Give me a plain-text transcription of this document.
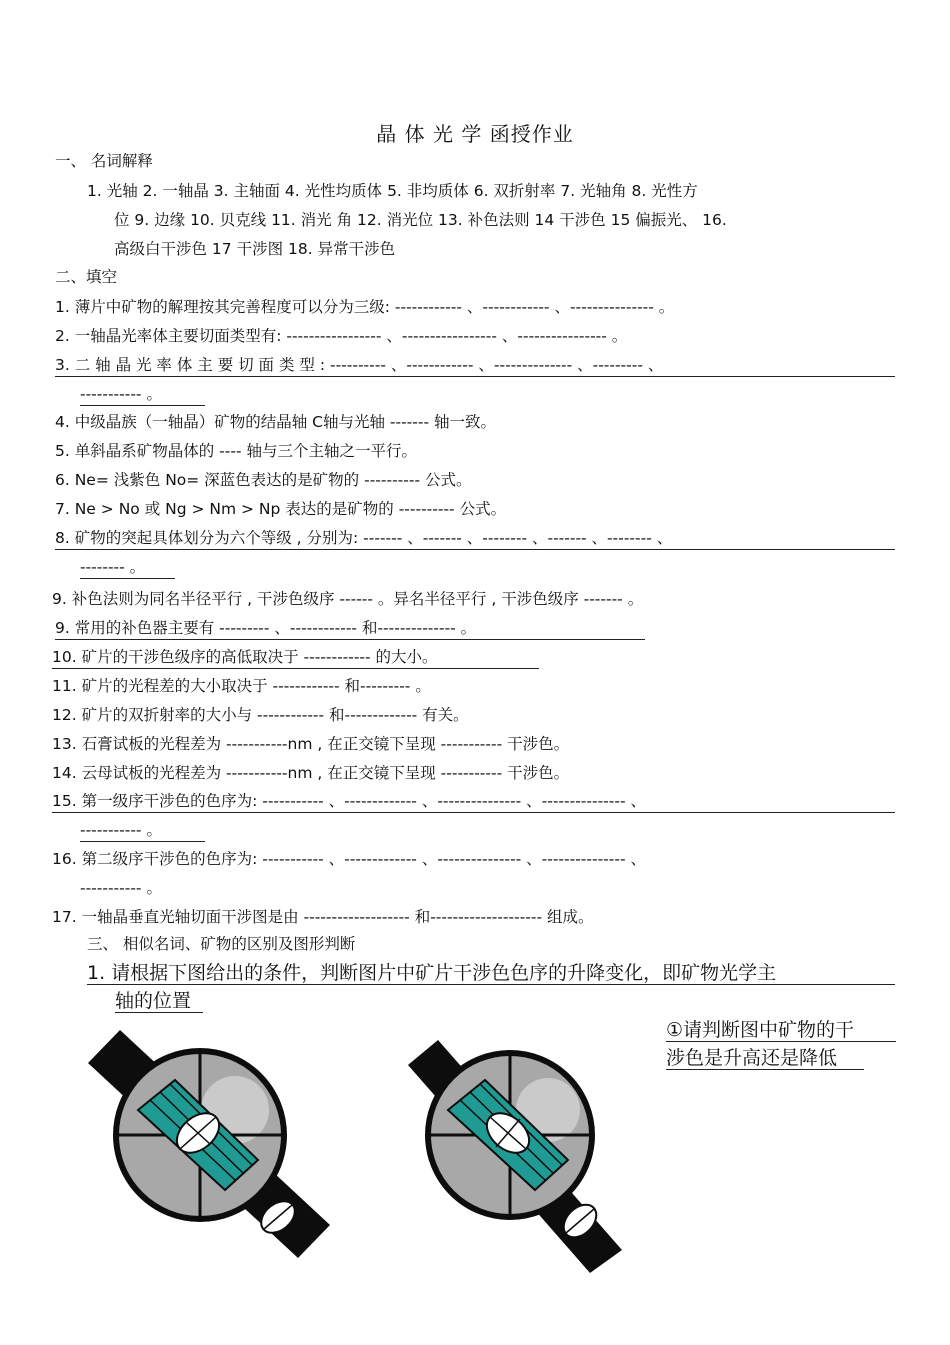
晶 体 光 学 函授作业
一、 名词解释
1. 光轴 2. 一轴晶 3. 主轴面 4. 光性均质体 5. 非均质体 6. 双折射率 7. 光轴角 8. 光性方
位 9. 边缘 10. 贝克线 11. 消光 角 12. 消光位 13. 补色法则 14 干涉色 15 偏振光、 16.
高级白干涉色 17 干涉图 18. 异常干涉色
二、填空
1. 薄片中矿物的解理按其完善程度可以分为三级: ------------ 、------------ 、--------------- 。
2. 一轴晶光率体主要切面类型有: ----------------- 、----------------- 、---------------- 。
3. 二 轴 晶 光 率 体 主 要 切 面 类 型 : ---------- 、------------ 、-------------- 、--------- 、
----------- 。
4. 中级晶族（一轴晶）矿物的结晶轴 C轴与光轴 ------- 轴一致。
5. 单斜晶系矿物晶体的 ---- 轴与三个主轴之一平行。
6. Ne= 浅紫色 No= 深蓝色表达的是矿物的 ---------- 公式。
7. Ne > No 或 Ng > Nm > Np 表达的是矿物的 ---------- 公式。
8. 矿物的突起具体划分为六个等级 , 分别为: ------- 、------- 、-------- 、------- 、-------- 、
-------- 。
9. 补色法则为同名半径平行 , 干涉色级序 ------ 。异名半径平行 , 干涉色级序 ------- 。
9. 常用的补色器主要有 --------- 、------------ 和-------------- 。
10. 矿片的干涉色级序的高低取决于 ------------ 的大小。
11. 矿片的光程差的大小取决于 ------------ 和--------- 。
12. 矿片的双折射率的大小与 ------------ 和------------- 有关。
13. 石膏试板的光程差为 -----------nm , 在正交镜下呈现 ----------- 干涉色。
14. 云母试板的光程差为 -----------nm , 在正交镜下呈现 ----------- 干涉色。
15. 第一级序干涉色的色序为: ----------- 、------------- 、--------------- 、--------------- 、
----------- 。
16. 第二级序干涉色的色序为: ----------- 、------------- 、--------------- 、--------------- 、
----------- 。
17. 一轴晶垂直光轴切面干涉图是由 ------------------- 和-------------------- 组成。
三、 相似名词、矿物的区别及图形判断
1. 请根据下图给出的条件，判断图片中矿片干涉色色序的升降变化，即矿物光学主
轴的位置
①请判断图中矿物的干
涉色是升高还是降低
